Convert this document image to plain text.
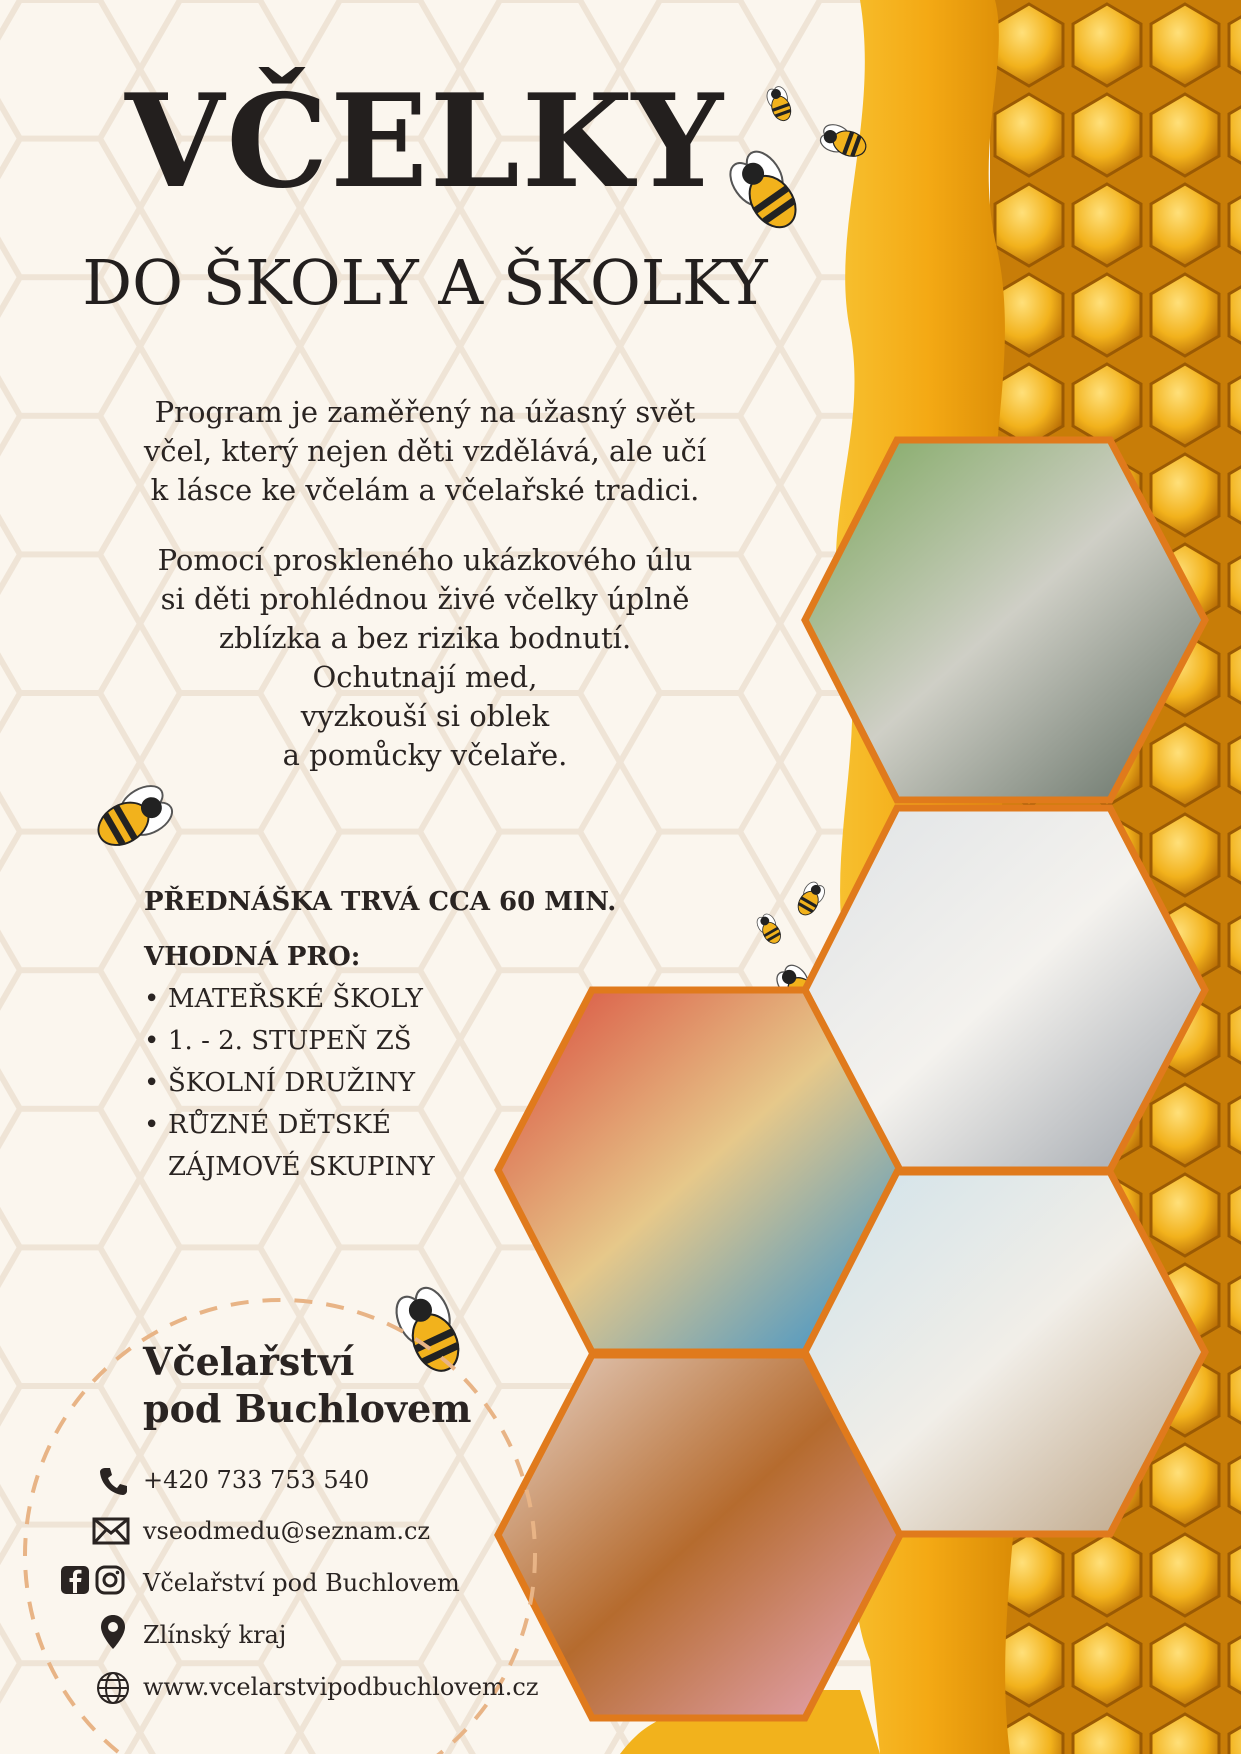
VČELKY
DO ŠKOLY A ŠKOLKY
Program je zaměřený na úžasný svět
včel, který nejen děti vzdělává, ale učí
k lásce ke včelám a včelařské tradici.
Pomocí proskleného ukázkového úlu
si děti prohlédnou živé včelky úplně
zblízka a bez rizika bodnutí.
Ochutnají med,
vyzkouší si oblek
a pomůcky včelaře.
PŘEDNÁŠKA TRVÁ CCA 60 MIN.
VHODNÁ PRO:
• MATEŘSKÉ ŠKOLY
• 1. - 2. STUPEŇ ZŠ
• ŠKOLNÍ DRUŽINY
• RŮZNÉ DĚTSKÉ
ZÁJMOVÉ SKUPINY
Včelařství
pod Buchlovem
+420 733 753 540
vseodmedu@seznam.cz
Včelařství pod Buchlovem
Zlínský kraj
www.vcelarstvipodbuchlovem.cz
